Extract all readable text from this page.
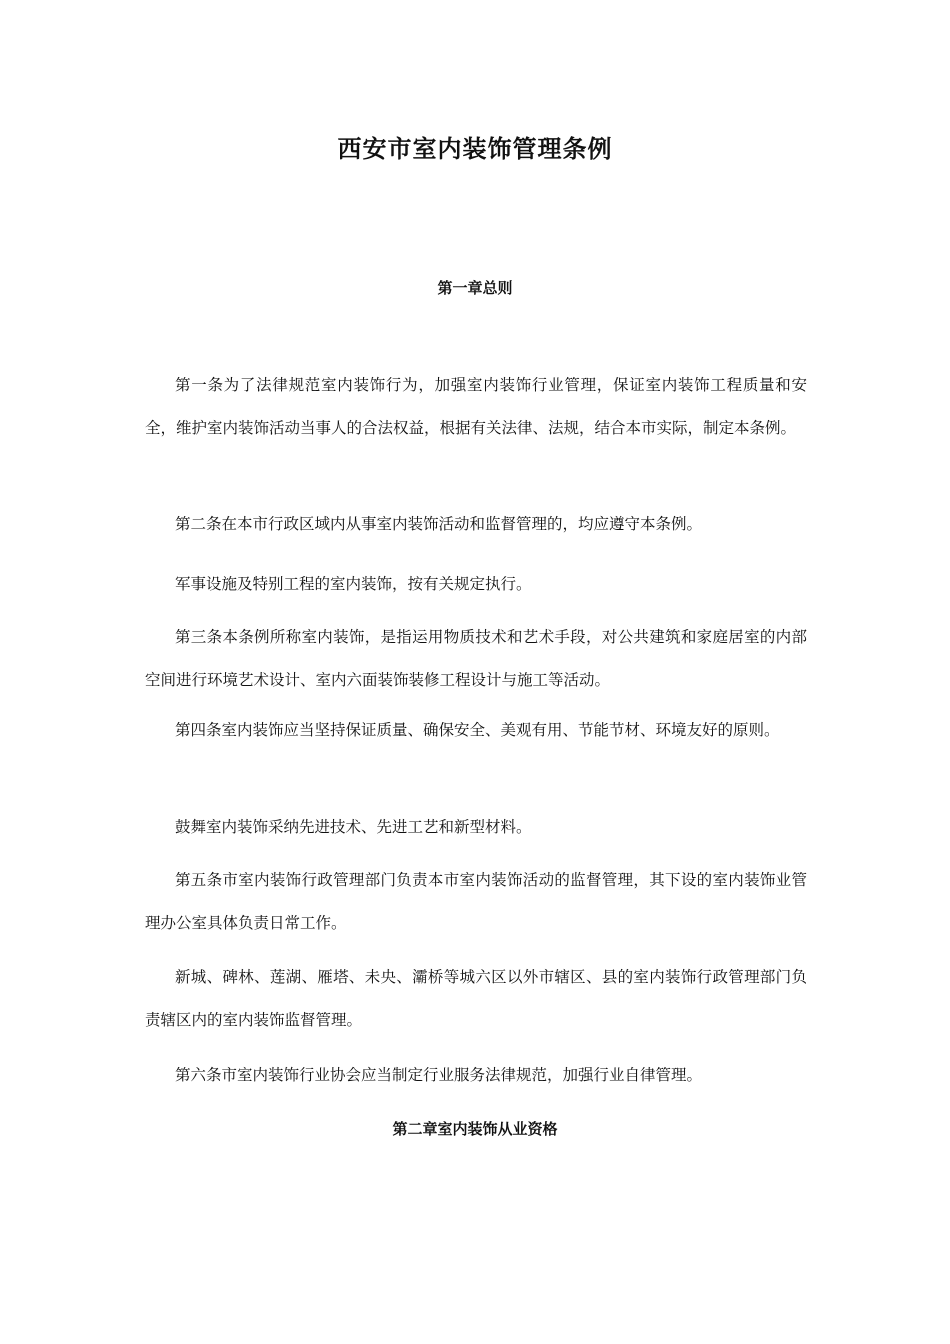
西安市室内装饰管理条例
第一章总则
第一条为了法律规范室内装饰行为，加强室内装饰行业管理，保证室内装饰工程质量和安全，维护室内装饰活动当事人的合法权益，根据有关法律、法规，结合本市实际，制定本条例。
第二条在本市行政区域内从事室内装饰活动和监督管理的，均应遵守本条例。
军事设施及特别工程的室内装饰，按有关规定执行。
第三条本条例所称室内装饰，是指运用物质技术和艺术手段，对公共建筑和家庭居室的内部空间进行环境艺术设计、室内六面装饰装修工程设计与施工等活动。
第四条室内装饰应当坚持保证质量、确保安全、美观有用、节能节材、环境友好的原则。
鼓舞室内装饰采纳先进技术、先进工艺和新型材料。
第五条市室内装饰行政管理部门负责本市室内装饰活动的监督管理，其下设的室内装饰业管理办公室具体负责日常工作。
新城、碑林、莲湖、雁塔、未央、灞桥等城六区以外市辖区、县的室内装饰行政管理部门负责辖区内的室内装饰监督管理。
第六条市室内装饰行业协会应当制定行业服务法律规范，加强行业自律管理。
第二章室内装饰从业资格
